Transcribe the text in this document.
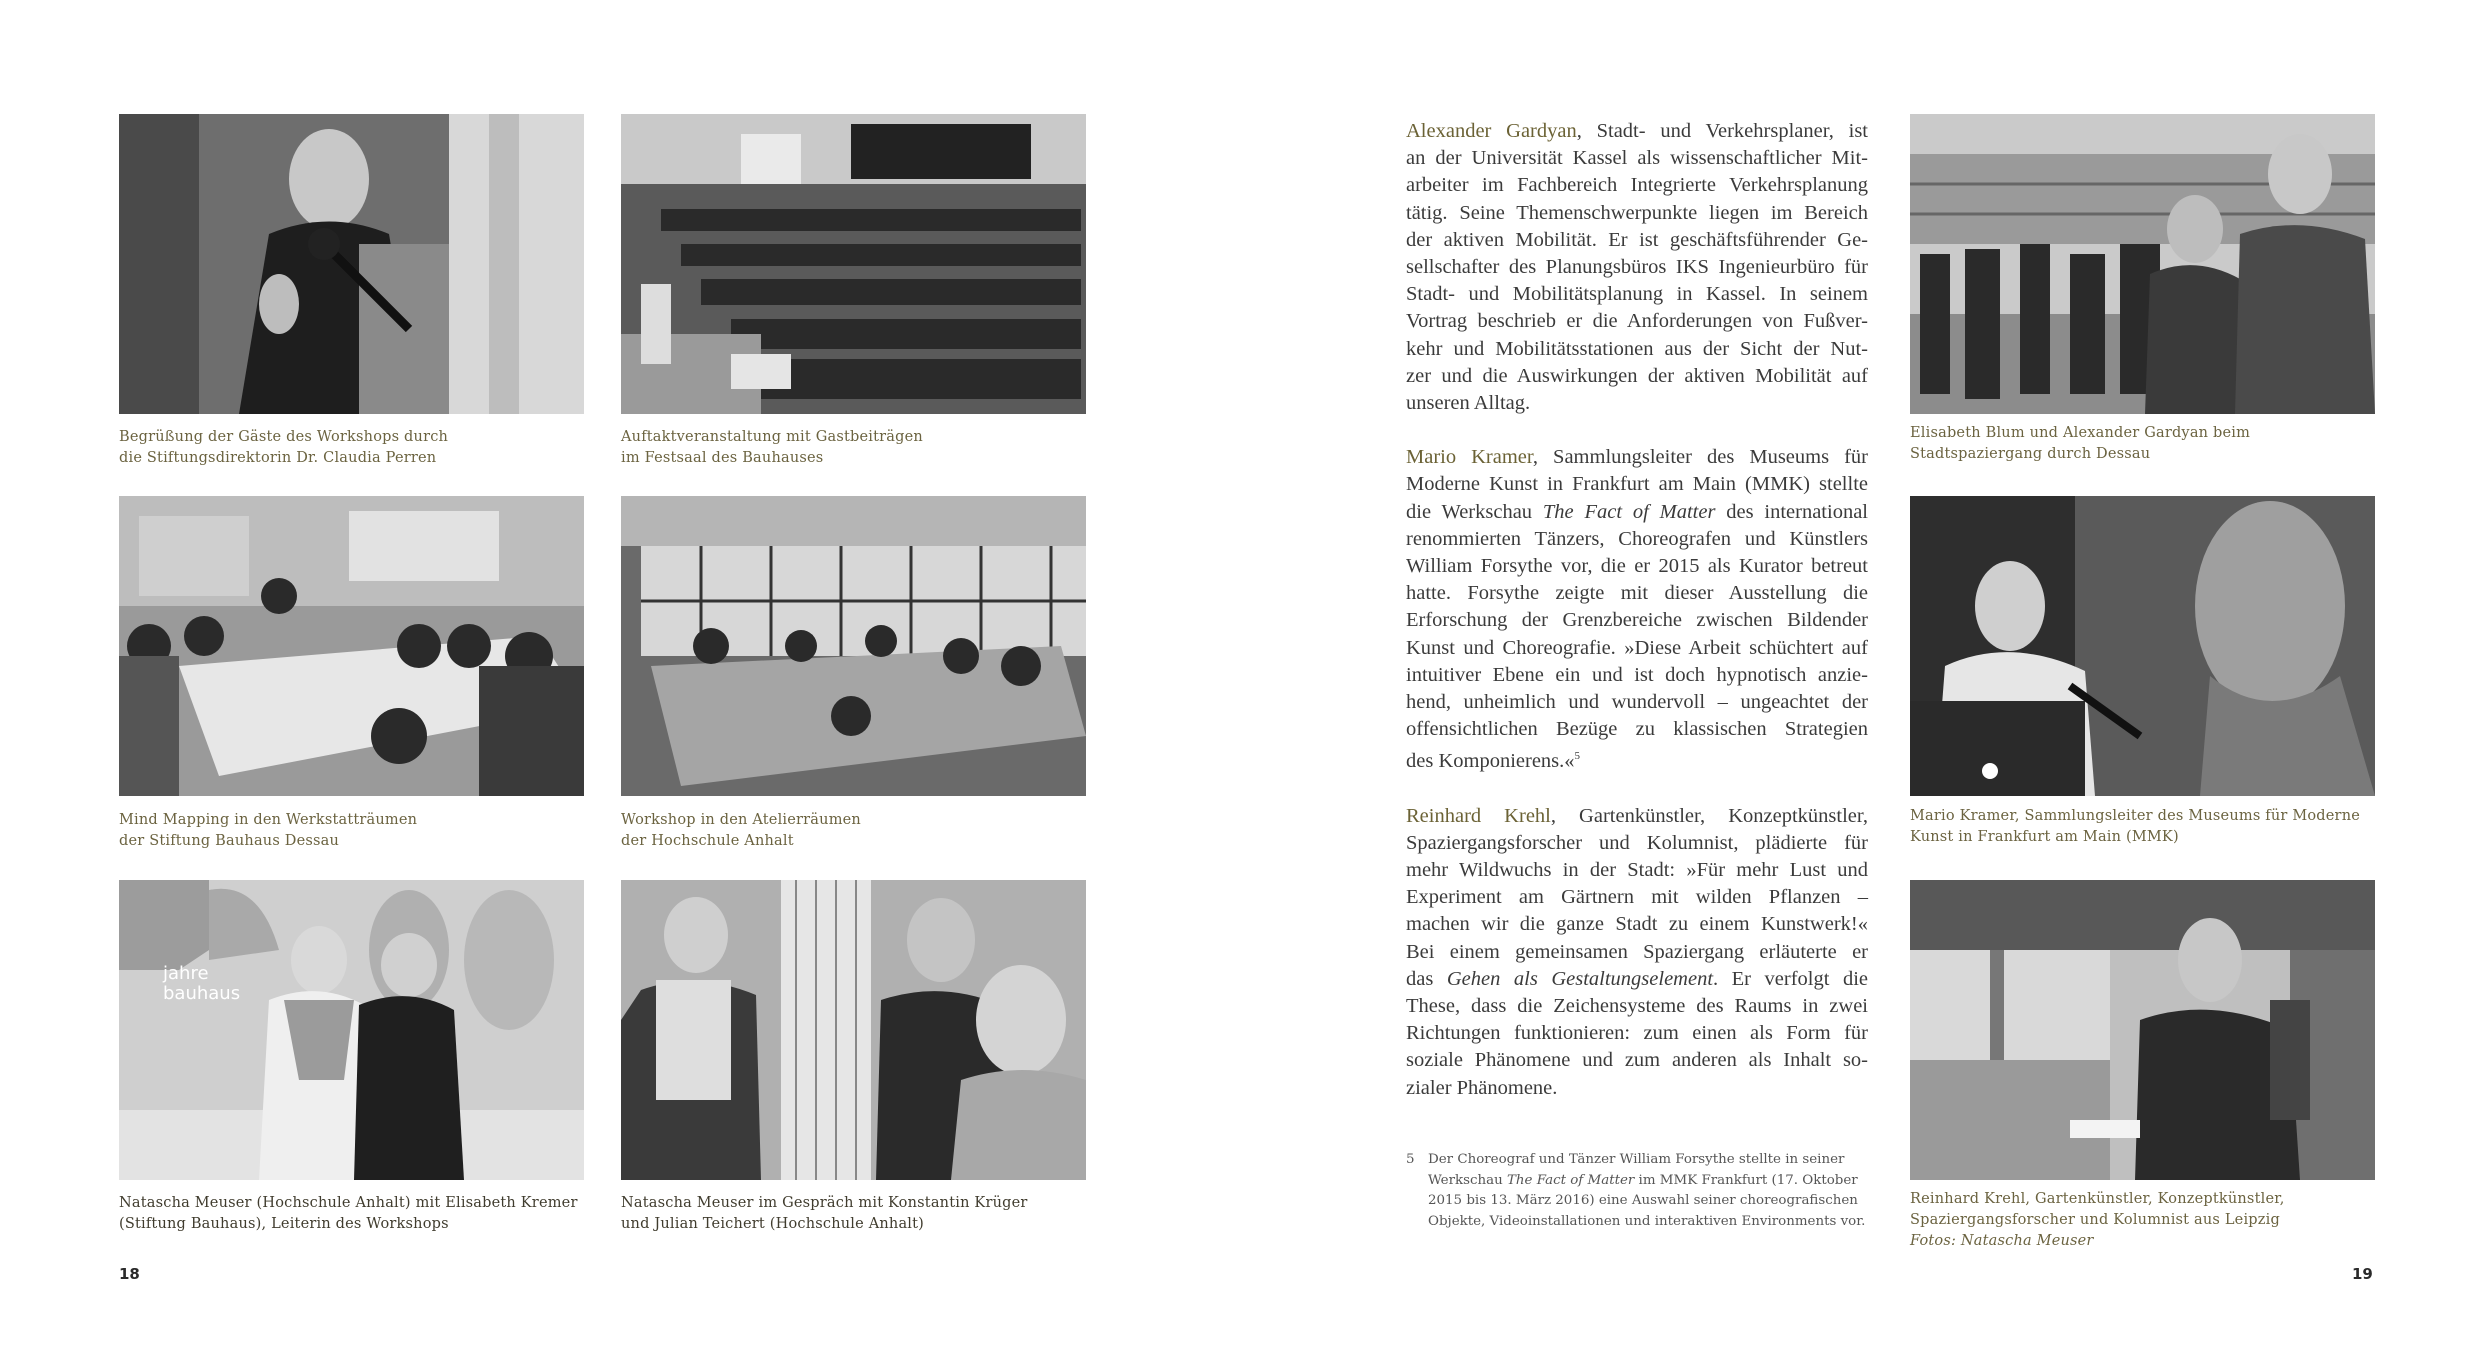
Begrüßung der Gäste des Workshops durch
die Stiftungsdirektorin Dr. Claudia Perren
Auftaktveranstaltung mit Gastbeiträgen
im Festsaal des Bauhauses
Mind Mapping in den Werkstatträumen
der Stiftung Bauhaus Dessau
Workshop in den Atelierräumen
der Hochschule Anhalt
jahre
bauhaus
Natascha Meuser (Hochschule Anhalt) mit Elisabeth Kremer
(Stiftung Bauhaus), Leiterin des Workshops
Natascha Meuser im Gespräch mit Konstantin Krüger
und Julian Teichert (Hochschule Anhalt)
18
Alexander Gardyan, Stadt- und Verkehrsplaner, ist
an der Universität Kassel als wissenschaftlicher Mit-
arbeiter im Fachbereich Integrierte Verkehrsplanung
tätig. Seine Themenschwerpunkte liegen im Bereich
der aktiven Mobilität. Er ist geschäftsführender Ge-
sellschafter des Planungsbüros IKS Ingenieurbüro für
Stadt- und Mobilitätsplanung in Kassel. In seinem
Vortrag beschrieb er die Anforderungen von Fußver-
kehr und Mobilitätsstationen aus der Sicht der Nut-
zer und die Auswirkungen der aktiven Mobilität auf
unseren Alltag.
Mario Kramer, Sammlungsleiter des Museums für
Moderne Kunst in Frankfurt am Main (MMK) stellte
die Werkschau The Fact of Matter des international
renommierten Tänzers, Choreografen und Künstlers
William Forsythe vor, die er 2015 als Kurator betreut
hatte. Forsythe zeigte mit dieser Ausstellung die
Erforschung der Grenzbereiche zwischen Bildender
Kunst und Choreografie. »Diese Arbeit schüchtert auf
intuitiver Ebene ein und ist doch hypnotisch anzie-
hend, unheimlich und wundervoll – ungeachtet der
offensichtlichen Bezüge zu klassischen Strategien
des Komponierens.«$^5$
Reinhard Krehl, Gartenkünstler, Konzeptkünstler,
Spaziergangsforscher und Kolumnist, plädierte für
mehr Wildwuchs in der Stadt: »Für mehr Lust und
Experiment am Gärtnern mit wilden Pflanzen –
machen wir die ganze Stadt zu einem Kunstwerk!«
Bei einem gemeinsamen Spaziergang erläuterte er
das Gehen als Gestaltungselement. Er verfolgt die
These, dass die Zeichensysteme des Raums in zwei
Richtungen funktionieren: zum einen als Form für
soziale Phänomene und zum anderen als Inhalt so-
zialer Phänomene.
5 Der Choreograf und Tänzer William Forsythe stellte in seiner
Werkschau The Fact of Matter im MMK Frankfurt (17. Oktober
2015 bis 13. März 2016) eine Auswahl seiner choreografischen
Objekte, Videoinstallationen und interaktiven Environments vor.
Elisabeth Blum und Alexander Gardyan beim
Stadtspaziergang durch Dessau
Mario Kramer, Sammlungsleiter des Museums für Moderne
Kunst in Frankfurt am Main (MMK)
Reinhard Krehl, Gartenkünstler, Konzeptkünstler,
Spaziergangsforscher und Kolumnist aus Leipzig
Fotos: Natascha Meuser
19
